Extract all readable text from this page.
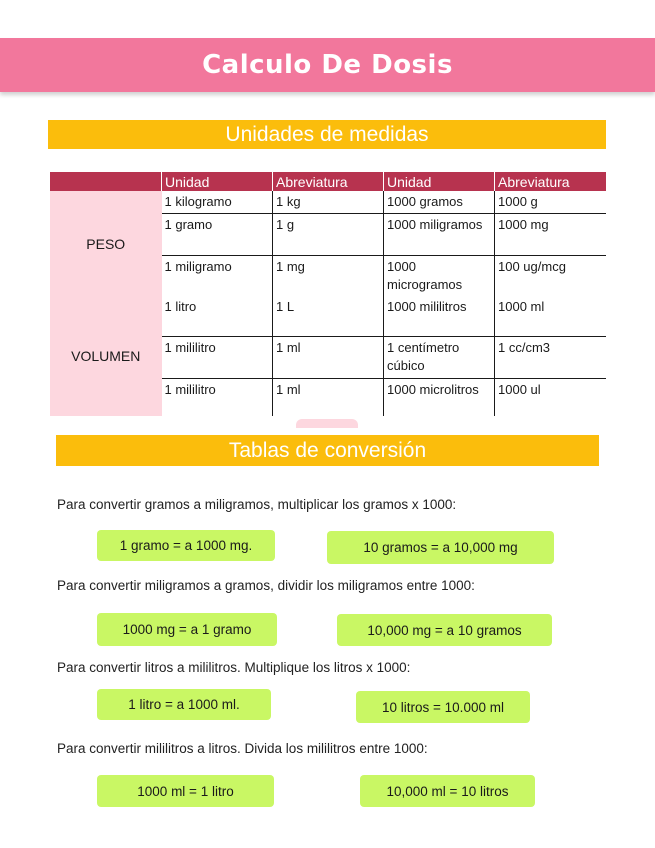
Calculo De Dosis
Unidades de medidas
	Unidad	Abreviatura	Unidad	Abreviatura
PESO	1 kilogramo	1 kg	1000 gramos	1000 g
	1 gramo	1 g	1000 miligramos	1000 mg
	1 miligramo	1 mg	1000 microgramos	100 ug/mcg
VOLUMEN	1 litro	1 L	1000 mililitros	1000 ml
	1 mililitro	1 ml	1 centímetro cúbico	1 cc/cm3
	1 mililitro	1 ml	1000 microlitros	1000 ul
Tablas de conversión
Para convertir gramos a miligramos, multiplicar los gramos x 1000:
1 gramo = a 1000 mg.	10 gramos = a 10,000 mg
Para convertir miligramos a gramos, dividir los miligramos entre 1000:
1000 mg = a 1 gramo	10,000 mg = a 10 gramos
Para convertir litros a mililitros. Multiplique los litros x 1000:
1 litro = a 1000 ml.	10 litros = 10.000 ml
Para convertir mililitros a litros. Divida los mililitros entre 1000:
1000 ml = 1 litro	10,000 ml = 10 litros
